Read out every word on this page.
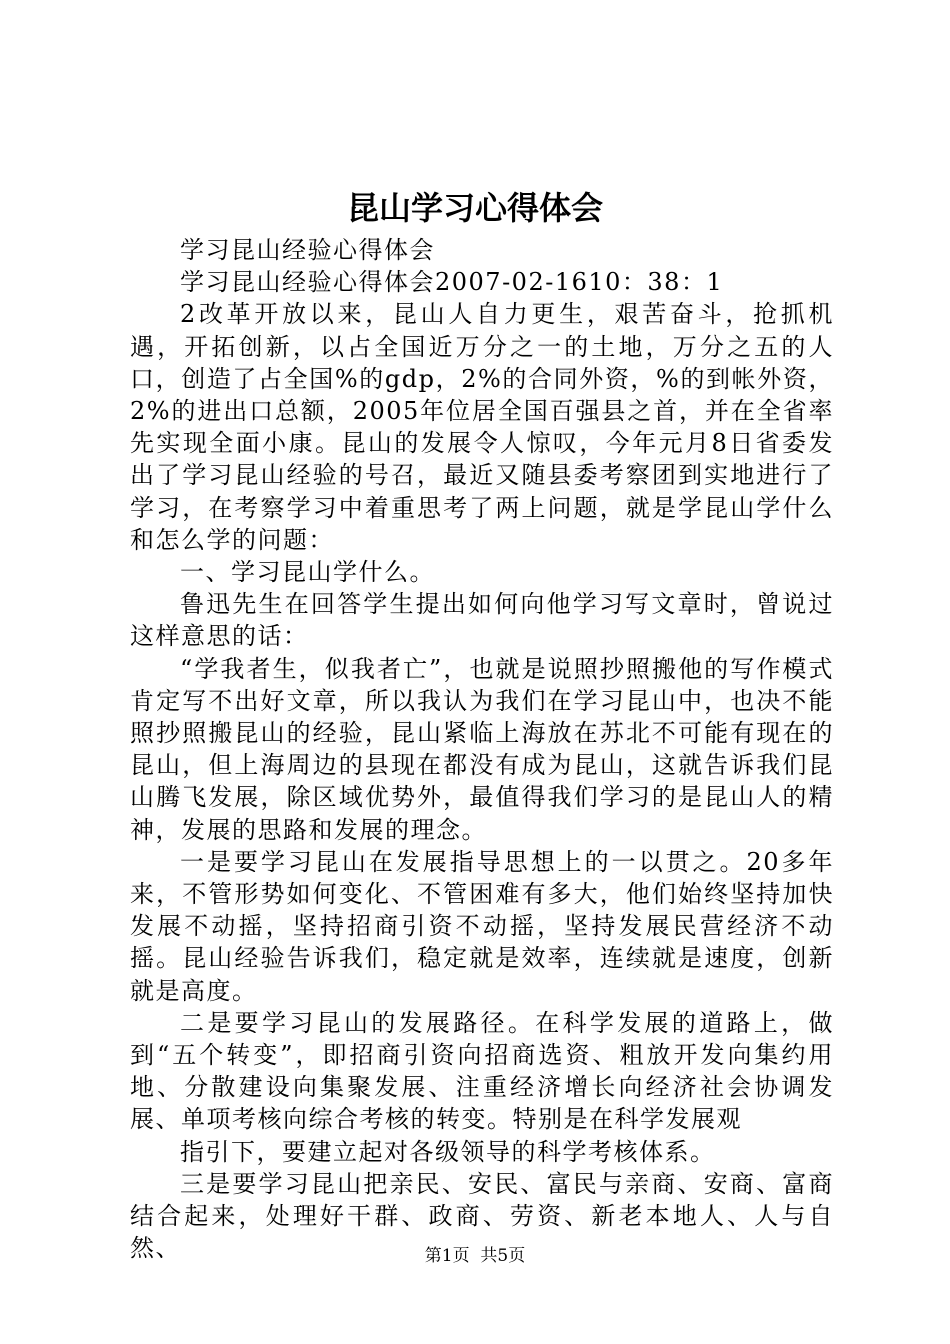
昆山学习心得体会

学习昆山经验心得体会

学习昆山经验心得体会2007-02-1610：38：1

2改革开放以来，昆山人自力更生，艰苦奋斗，抢抓机遇，开拓创新，以占全国近万分之一的土地，万分之五的人口，创造了占全国%的gdp，2%的合同外资，%的到帐外资，2%的进出口总额，2005年位居全国百强县之首，并在全省率先实现全面小康。昆山的发展令人惊叹，今年元月8日省委发出了学习昆山经验的号召，最近又随县委考察团到实地进行了学习，在考察学习中着重思考了两上问题，就是学昆山学什么和怎么学的问题：

一、学习昆山学什么。

鲁迅先生在回答学生提出如何向他学习写文章时，曾说过这样意思的话：

“学我者生，似我者亡”，也就是说照抄照搬他的写作模式肯定写不出好文章，所以我认为我们在学习昆山中，也决不能照抄照搬昆山的经验，昆山紧临上海放在苏北不可能有现在的昆山，但上海周边的县现在都没有成为昆山，这就告诉我们昆山腾飞发展，除区域优势外，最值得我们学习的是昆山人的精神，发展的思路和发展的理念。

一是要学习昆山在发展指导思想上的一以贯之。20多年来，不管形势如何变化、不管困难有多大，他们始终坚持加快发展不动摇，坚持招商引资不动摇，坚持发展民营经济不动摇。昆山经验告诉我们，稳定就是效率，连续就是速度，创新就是高度。

二是要学习昆山的发展路径。在科学发展的道路上，做到“五个转变”，即招商引资向招商选资、粗放开发向集约用地、分散建设向集聚发展、注重经济增长向经济社会协调发展、单项考核向综合考核的转变。特别是在科学发展观

指引下，要建立起对各级领导的科学考核体系。

三是要学习昆山把亲民、安民、富民与亲商、安商、富商结合起来，处理好干群、政商、劳资、新老本地人、人与自然、	第1页 共5页
